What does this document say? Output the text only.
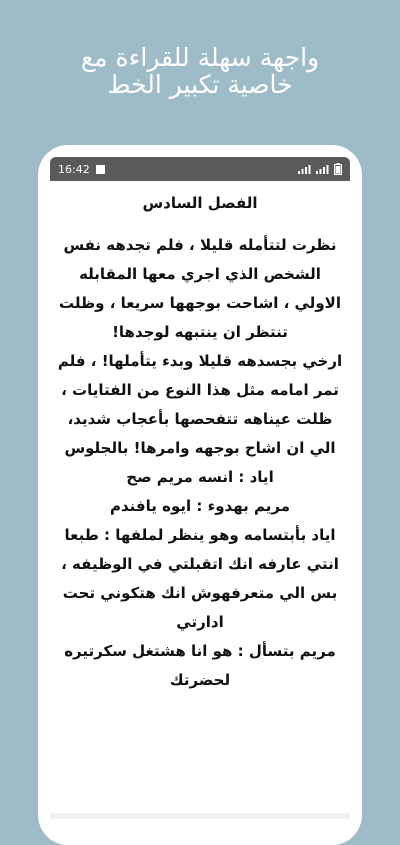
واجهة سهلة للقراءة مع
خاصية تكبير الخط
16:42
الفصل السادس

نظرت لتتأمله قليلا ، فلم تجدهه نفس الشخص الذي اجري معها المقابله الاولي ، اشاحت بوجهها سريعا ، وظلت تنتظر ان ينتبهه لوجدها!

ارخي بجسدهه قليلا وبدء يتأملها! ، فلم تمر امامه مثل هذا النوع من الفتايات ، ظلت عيناهه تتفحصها بأعجاب شديد، الي ان اشاح بوجهه وامرها! بالجلوس

اياد : انسه مريم صح

مريم بهدوء : ايوه يافندم

اياد بأبتسامه وهو ينظر لملفها : طبعا انتي عارفه انك اتقبلتي في الوظيفه ، بس الي متعرفهوش انك هتكوني تحت ادارتي

مريم بتسأل : هو انا هشتغل سكرتيره لحضرتك
